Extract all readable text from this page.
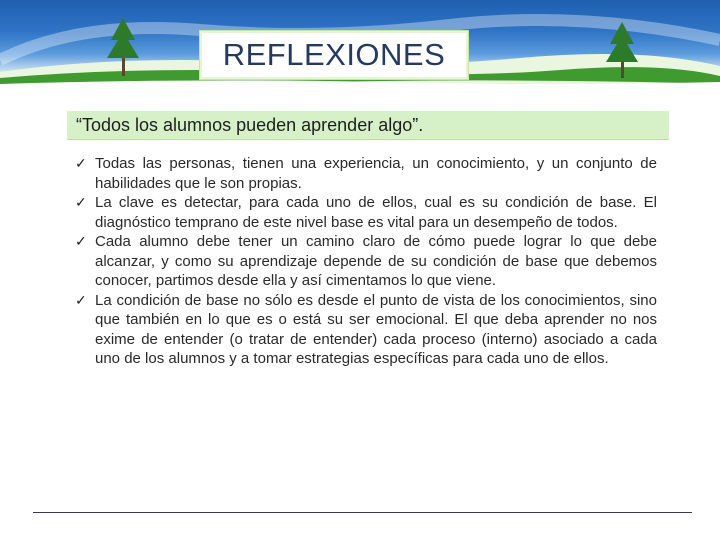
REFLEXIONES
“Todos los alumnos pueden aprender algo”.
✓ Todas las personas, tienen una experiencia, un conocimiento, y un conjunto de habilidades que le son propias.
✓ La clave es detectar, para cada uno de ellos, cual es su condición de base. El diagnóstico temprano de este nivel base es vital para un desempeño de todos.
✓ Cada alumno debe tener un camino claro de cómo puede lograr lo que debe alcanzar, y como su aprendizaje depende de su condición de base que debemos conocer, partimos desde ella y así cimentamos lo que viene.
✓ La condición de base no sólo es desde el punto de vista de los conocimientos, sino que también en lo que es o está su ser emocional. El que deba aprender no nos exime de entender (o tratar de entender) cada proceso (interno) asociado a cada uno de los alumnos y a tomar estrategias específicas para cada uno de ellos.
